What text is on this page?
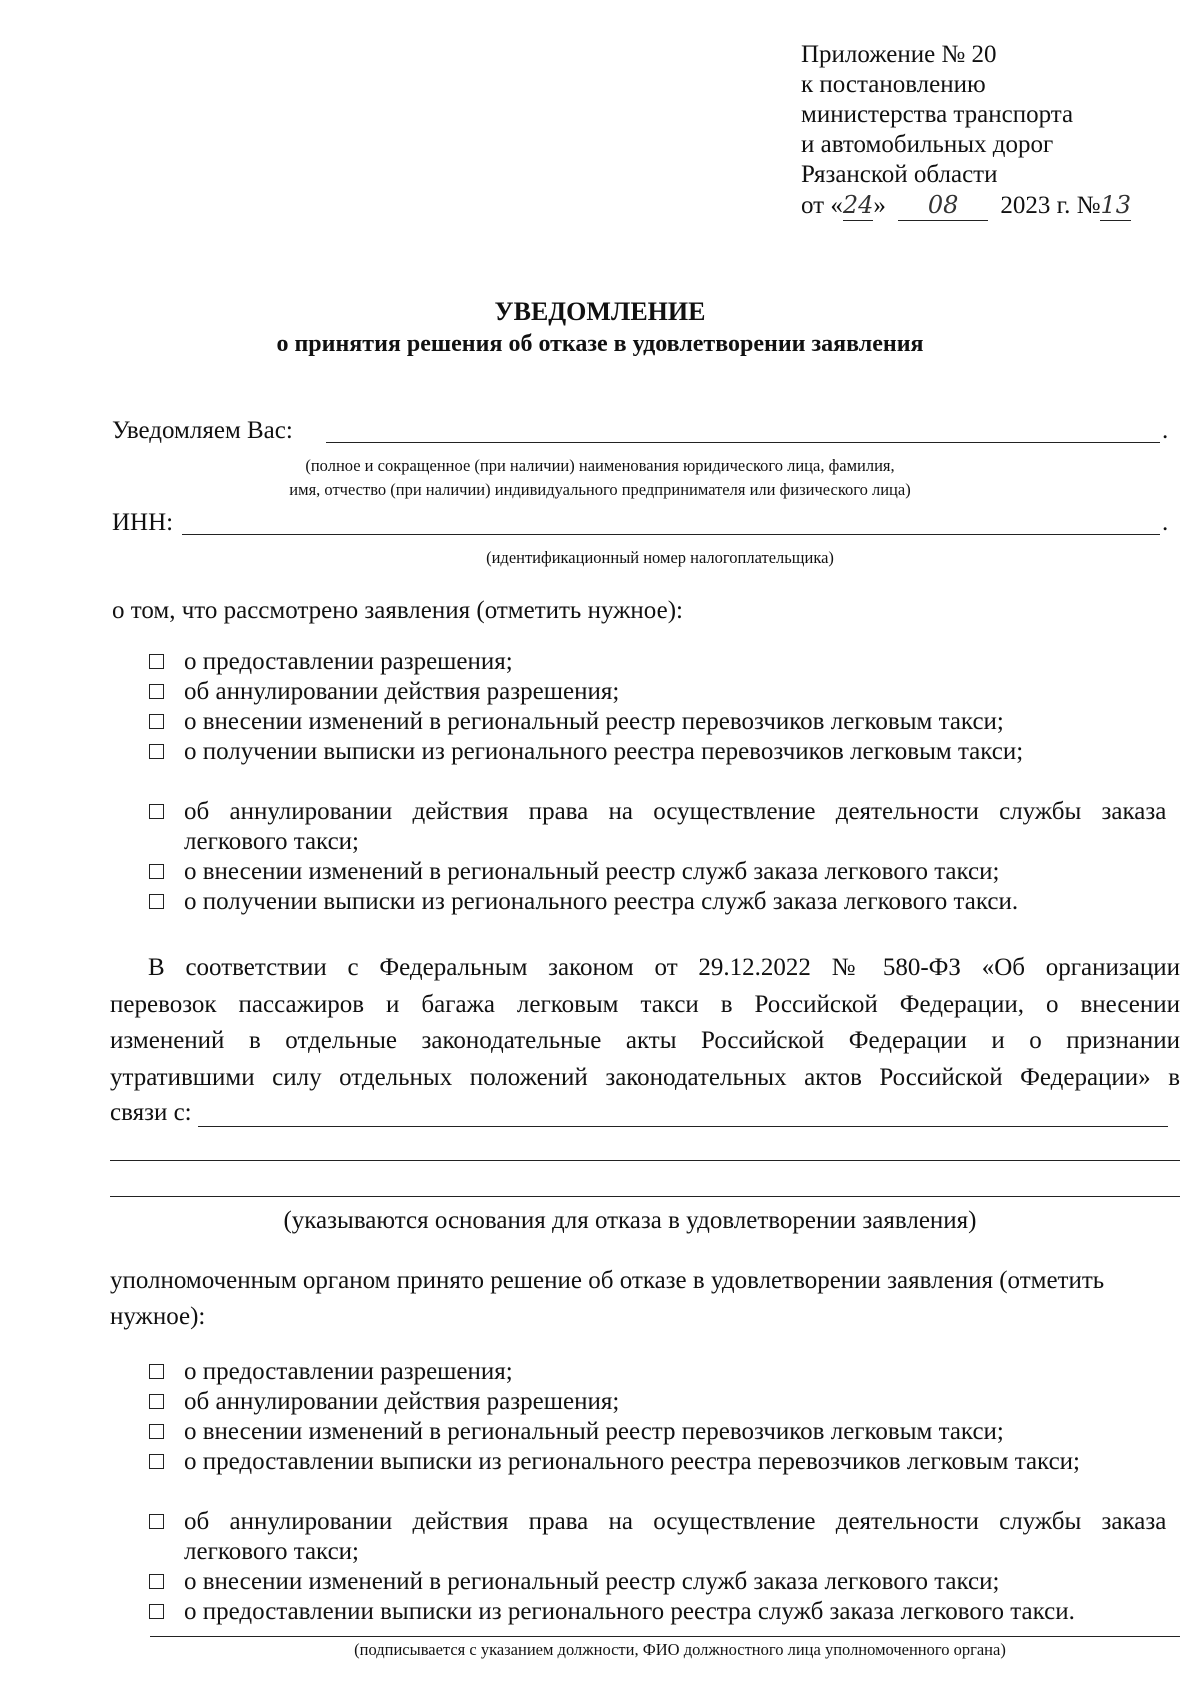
Приложение № 20
к постановлению
министерства транспорта
и автомобильных дорог
Рязанской области
от «24» 08 2023 г. №13
УВЕДОМЛЕНИЕ
о принятия решения об отказе в удовлетворении заявления
Уведомляем Вас:	.
(полное и сокращенное (при наличии) наименования юридического лица, фамилия,
имя, отчество (при наличии) индивидуального предпринимателя или физического лица)
ИНН:	.
(идентификационный номер налогоплательщика)
о том, что рассмотрено заявления (отметить нужное):
о предоставлении разрешения;
об аннулировании действия разрешения;
о внесении изменений в региональный реестр перевозчиков легковым такси;
о получении выписки из регионального реестра перевозчиков легковым такси;
об аннулировании действия права на осуществление деятельности службы заказа
легкового такси;
о внесении изменений в региональный реестр служб заказа легкового такси;
о получении выписки из регионального реестра служб заказа легкового такси.
В соответствии с Федеральным законом от 29.12.2022 № 580-ФЗ «Об организации
перевозок пассажиров и багажа легковым такси в Российской Федерации, о внесении
изменений в отдельные законодательные акты Российской Федерации и о признании
утратившими силу отдельных положений законодательных актов Российской Федерации» в
связи с:
(указываются основания для отказа в удовлетворении заявления)
уполномоченным органом принято решение об отказе в удовлетворении заявления (отметить
нужное):
о предоставлении разрешения;
об аннулировании действия разрешения;
о внесении изменений в региональный реестр перевозчиков легковым такси;
о предоставлении выписки из регионального реестра перевозчиков легковым такси;
об аннулировании действия права на осуществление деятельности службы заказа
легкового такси;
о внесении изменений в региональный реестр служб заказа легкового такси;
о предоставлении выписки из регионального реестра служб заказа легкового такси.
(подписывается с указанием должности, ФИО должностного лица уполномоченного органа)
